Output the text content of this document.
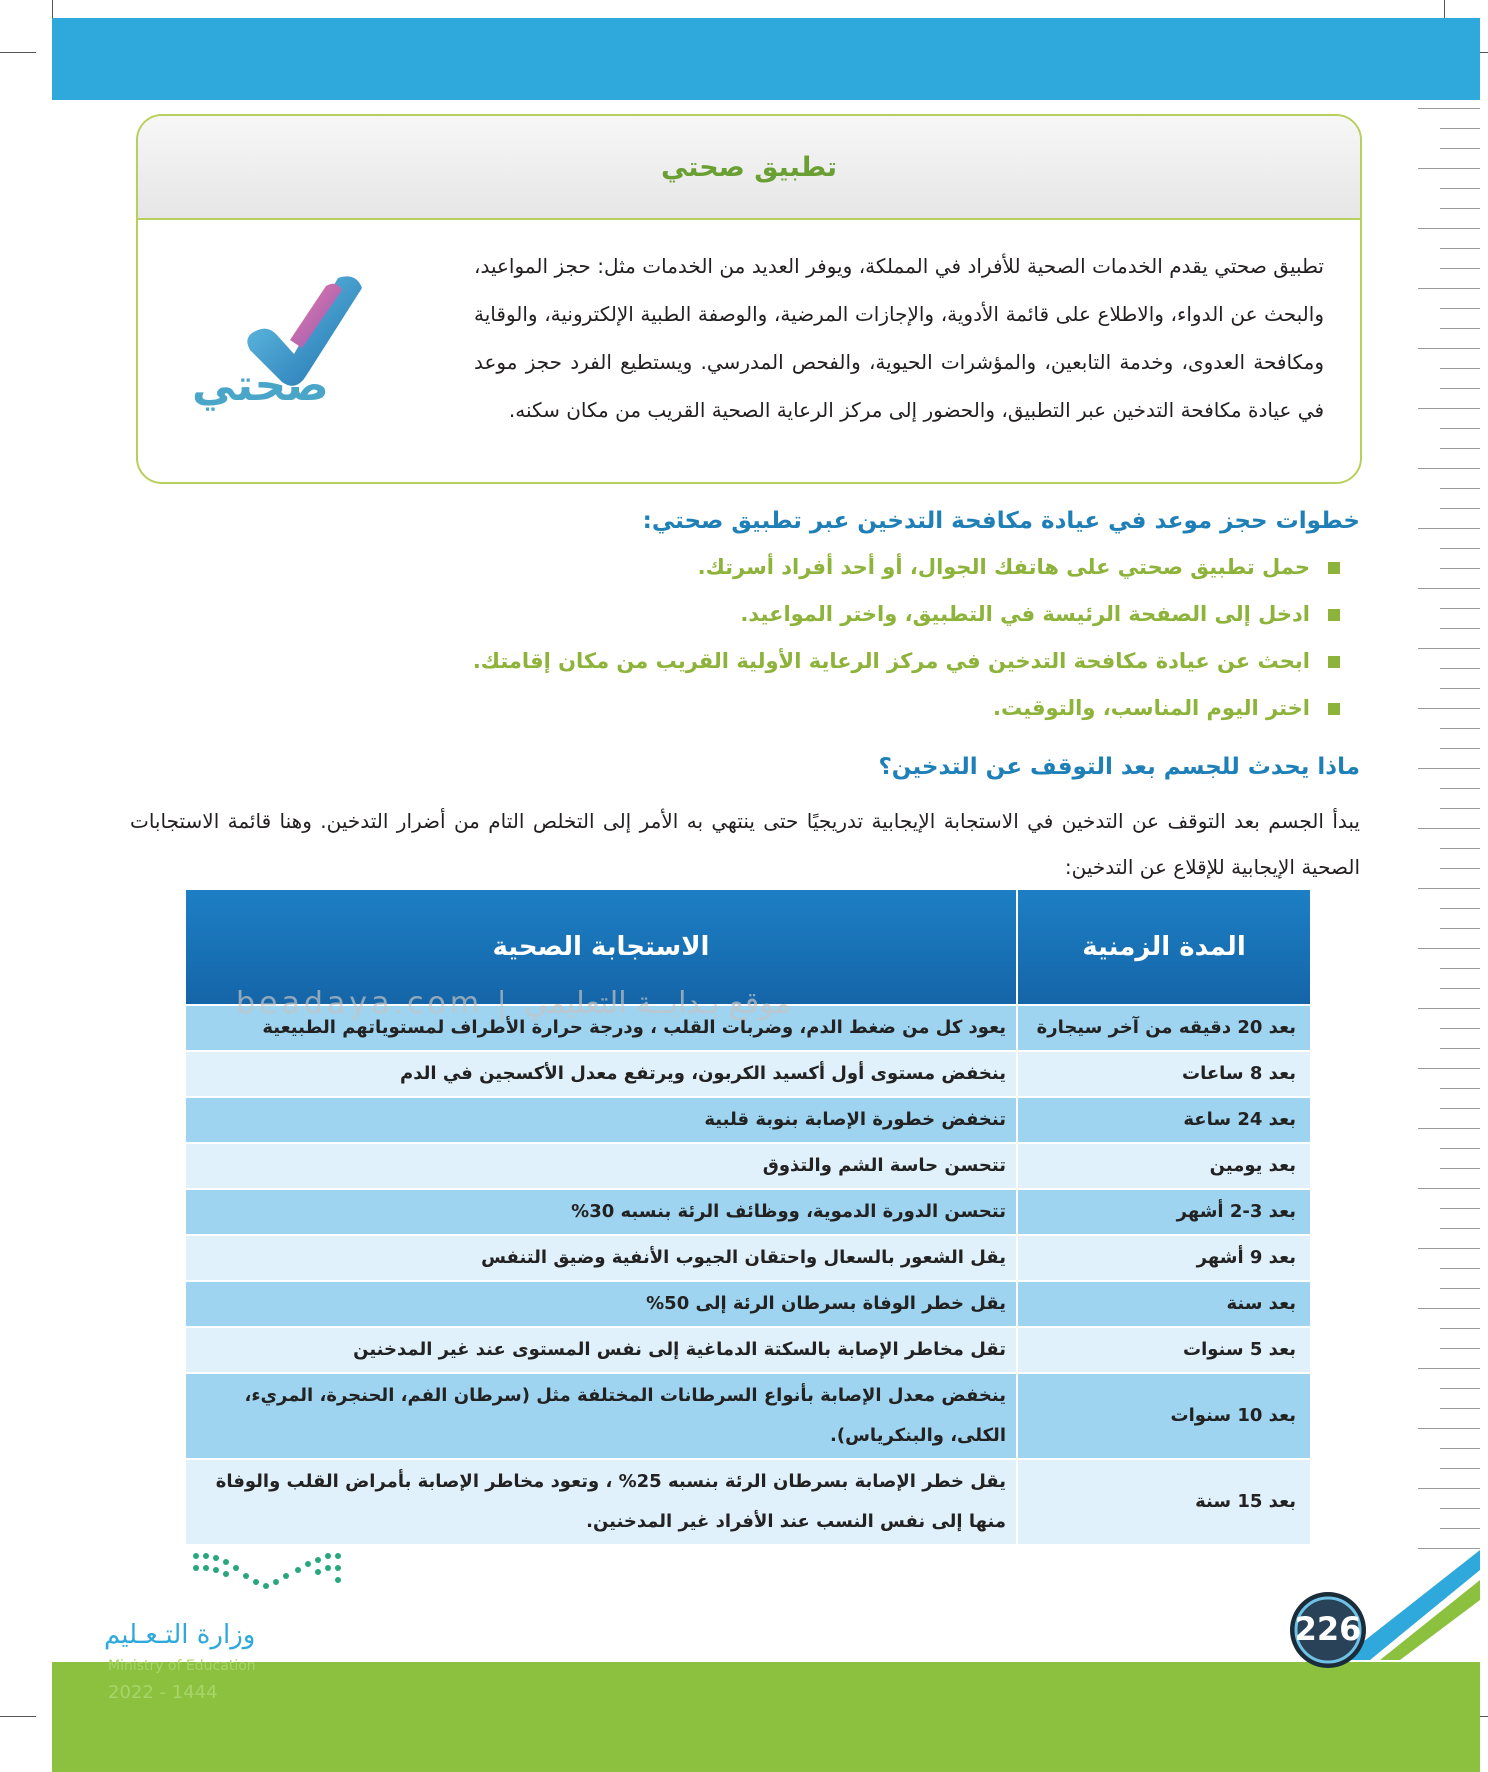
تطبيق صحتي
تطبيق صحتي يقدم الخدمات الصحية للأفراد في المملكة، ويوفر العديد من الخدمات مثل: حجز المواعيد، والبحث عن الدواء، والاطلاع على قائمة الأدوية، والإجازات المرضية، والوصفة الطبية الإلكترونية، والوقاية ومكافحة العدوى، وخدمة التابعين، والمؤشرات الحيوية، والفحص المدرسي. ويستطيع الفرد حجز موعد في عيادة مكافحة التدخين عبر التطبيق، والحضور إلى مركز الرعاية الصحية القريب من مكان سكنه.
صحتي
خطوات حجز موعد في عيادة مكافحة التدخين عبر تطبيق صحتي:
حمل تطبيق صحتي على هاتفك الجوال، أو أحد أفراد أسرتك.
ادخل إلى الصفحة الرئيسة في التطبيق، واختر المواعيد.
ابحث عن عيادة مكافحة التدخين في مركز الرعاية الأولية القريب من مكان إقامتك.
اختر اليوم المناسب، والتوقيت.
ماذا يحدث للجسم بعد التوقف عن التدخين؟
يبدأ الجسم بعد التوقف عن التدخين في الاستجابة الإيجابية تدريجيًا حتى ينتهي به الأمر إلى التخلص التام من أضرار التدخين. وهنا قائمة الاستجابات الصحية الإيجابية للإقلاع عن التدخين:
المدة الزمنية	الاستجابة الصحية
بعد 20 دقيقه من آخر سيجارة	يعود كل من ضغط الدم، وضربات القلب ، ودرجة حرارة الأطراف لمستوياتهم الطبيعية
بعد 8 ساعات	ينخفض مستوى أول أكسيد الكربون، ويرتفع معدل الأكسجين في الدم
بعد 24 ساعة	تنخفض خطورة الإصابة بنوبة قلبية
بعد يومين	تتحسن حاسة الشم والتذوق
بعد 3-2 أشهر	تتحسن الدورة الدموية، ووظائف الرئة بنسبه 30%
بعد 9 أشهر	يقل الشعور بالسعال واحتقان الجيوب الأنفية وضيق التنفس
بعد سنة	يقل خطر الوفاة بسرطان الرئة إلى 50%
بعد 5 سنوات	تقل مخاطر الإصابة بالسكتة الدماغية إلى نفس المستوى عند غير المدخنين
بعد 10 سنوات	ينخفض معدل الإصابة بأنواع السرطانات المختلفة مثل (سرطان الفم، الحنجرة، المريء، الكلى، والبنكرياس).
بعد 15 سنة	يقل خطر الإصابة بسرطان الرئة بنسبه 25% ، وتعود مخاطر الإصابة بأمراض القلب والوفاة منها إلى نفس النسب عند الأفراد غير المدخنين.
beadaya.com | موقع بـدايــة التعليمي
وزارة التـعـليم
Ministry of Education
2022 - 1444
226
